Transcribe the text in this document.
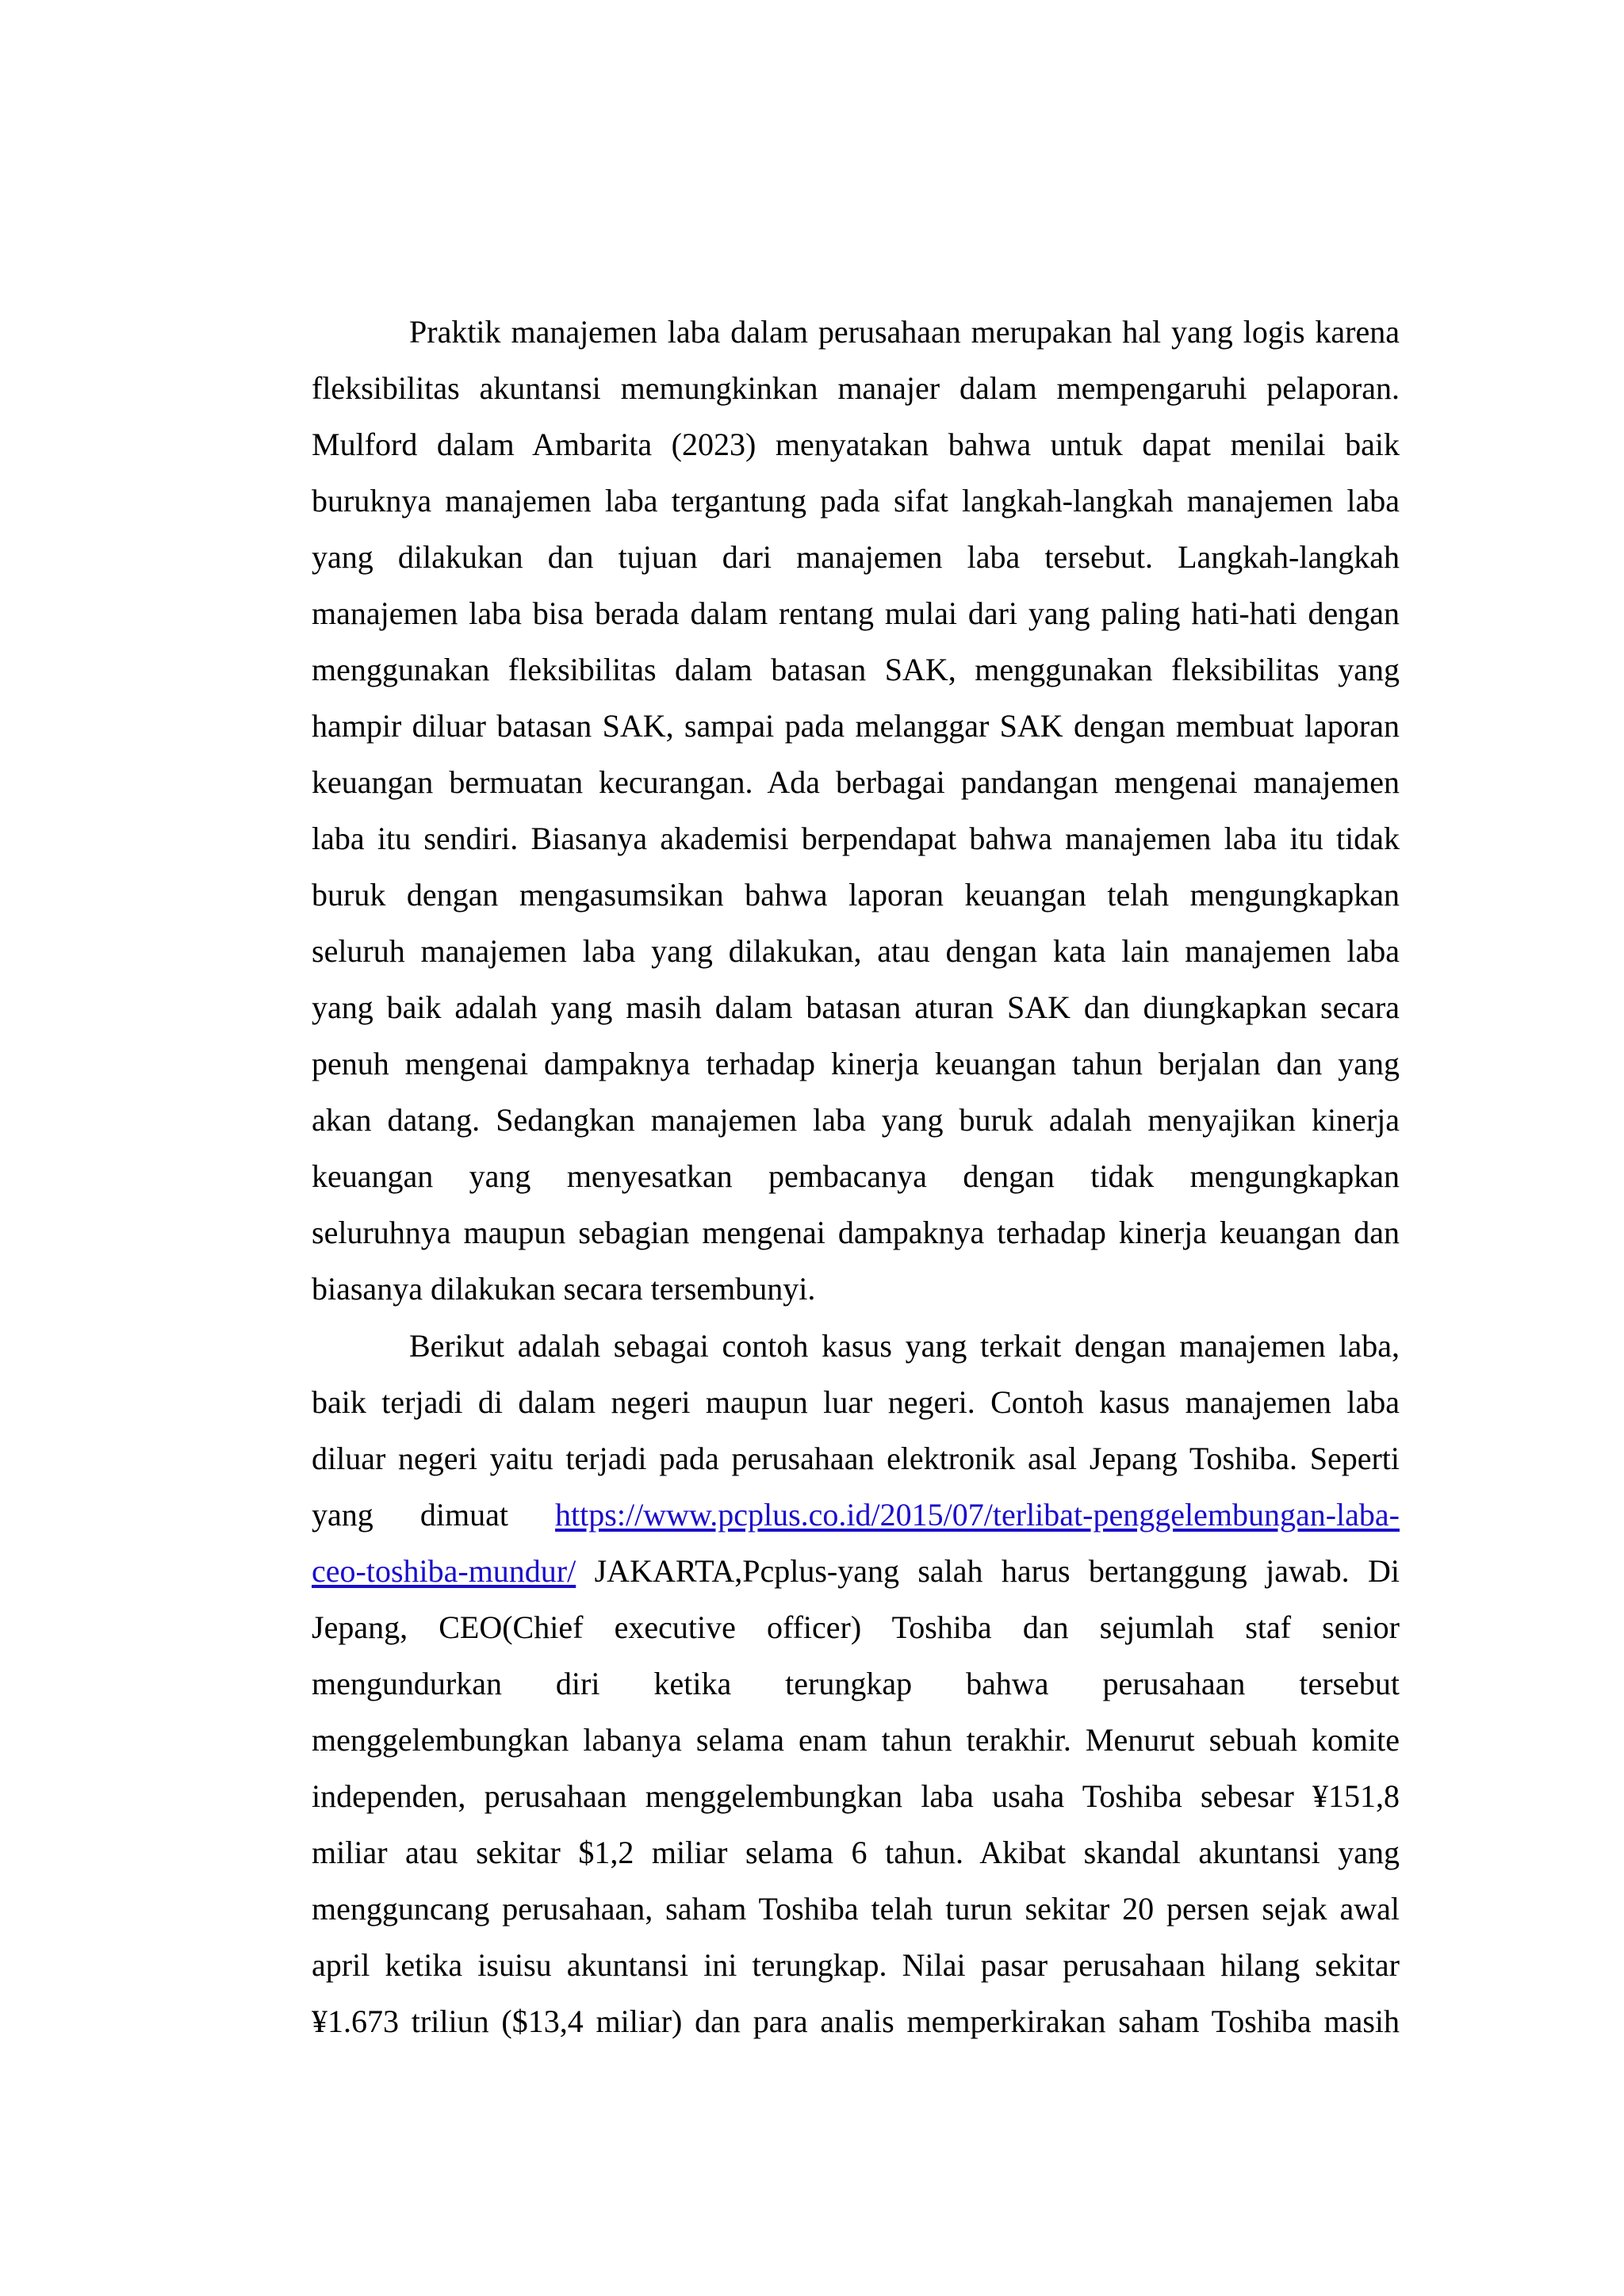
Praktik manajemen laba dalam perusahaan merupakan hal yang logis karena
fleksibilitas akuntansi memungkinkan manajer dalam mempengaruhi pelaporan.
Mulford dalam Ambarita (2023) menyatakan bahwa untuk dapat menilai baik
buruknya manajemen laba tergantung pada sifat langkah-langkah manajemen laba
yang dilakukan dan tujuan dari manajemen laba tersebut. Langkah-langkah
manajemen laba bisa berada dalam rentang mulai dari yang paling hati-hati dengan
menggunakan fleksibilitas dalam batasan SAK, menggunakan fleksibilitas yang
hampir diluar batasan SAK, sampai pada melanggar SAK dengan membuat laporan
keuangan bermuatan kecurangan. Ada berbagai pandangan mengenai manajemen
laba itu sendiri. Biasanya akademisi berpendapat bahwa manajemen laba itu tidak
buruk dengan mengasumsikan bahwa laporan keuangan telah mengungkapkan
seluruh manajemen laba yang dilakukan, atau dengan kata lain manajemen laba
yang baik adalah yang masih dalam batasan aturan SAK dan diungkapkan secara
penuh mengenai dampaknya terhadap kinerja keuangan tahun berjalan dan yang
akan datang. Sedangkan manajemen laba yang buruk adalah menyajikan kinerja
keuangan yang menyesatkan pembacanya dengan tidak mengungkapkan
seluruhnya maupun sebagian mengenai dampaknya terhadap kinerja keuangan dan
biasanya dilakukan secara tersembunyi.
Berikut adalah sebagai contoh kasus yang terkait dengan manajemen laba,
baik terjadi di dalam negeri maupun luar negeri. Contoh kasus manajemen laba
diluar negeri yaitu terjadi pada perusahaan elektronik asal Jepang Toshiba. Seperti
yang dimuat https://www.pcplus.co.id/2015/07/terlibat-penggelembungan-laba-
ceo-toshiba-mundur/ JAKARTA,Pcplus-yang salah harus bertanggung jawab. Di
Jepang, CEO(Chief executive officer) Toshiba dan sejumlah staf senior
mengundurkan diri ketika terungkap bahwa perusahaan tersebut
menggelembungkan labanya selama enam tahun terakhir. Menurut sebuah komite
independen, perusahaan menggelembungkan laba usaha Toshiba sebesar ¥151,8
miliar atau sekitar $1,2 miliar selama 6 tahun. Akibat skandal akuntansi yang
mengguncang perusahaan, saham Toshiba telah turun sekitar 20 persen sejak awal
april ketika isuisu akuntansi ini terungkap. Nilai pasar perusahaan hilang sekitar
¥1.673 triliun ($13,4 miliar) dan para analis memperkirakan saham Toshiba masih
